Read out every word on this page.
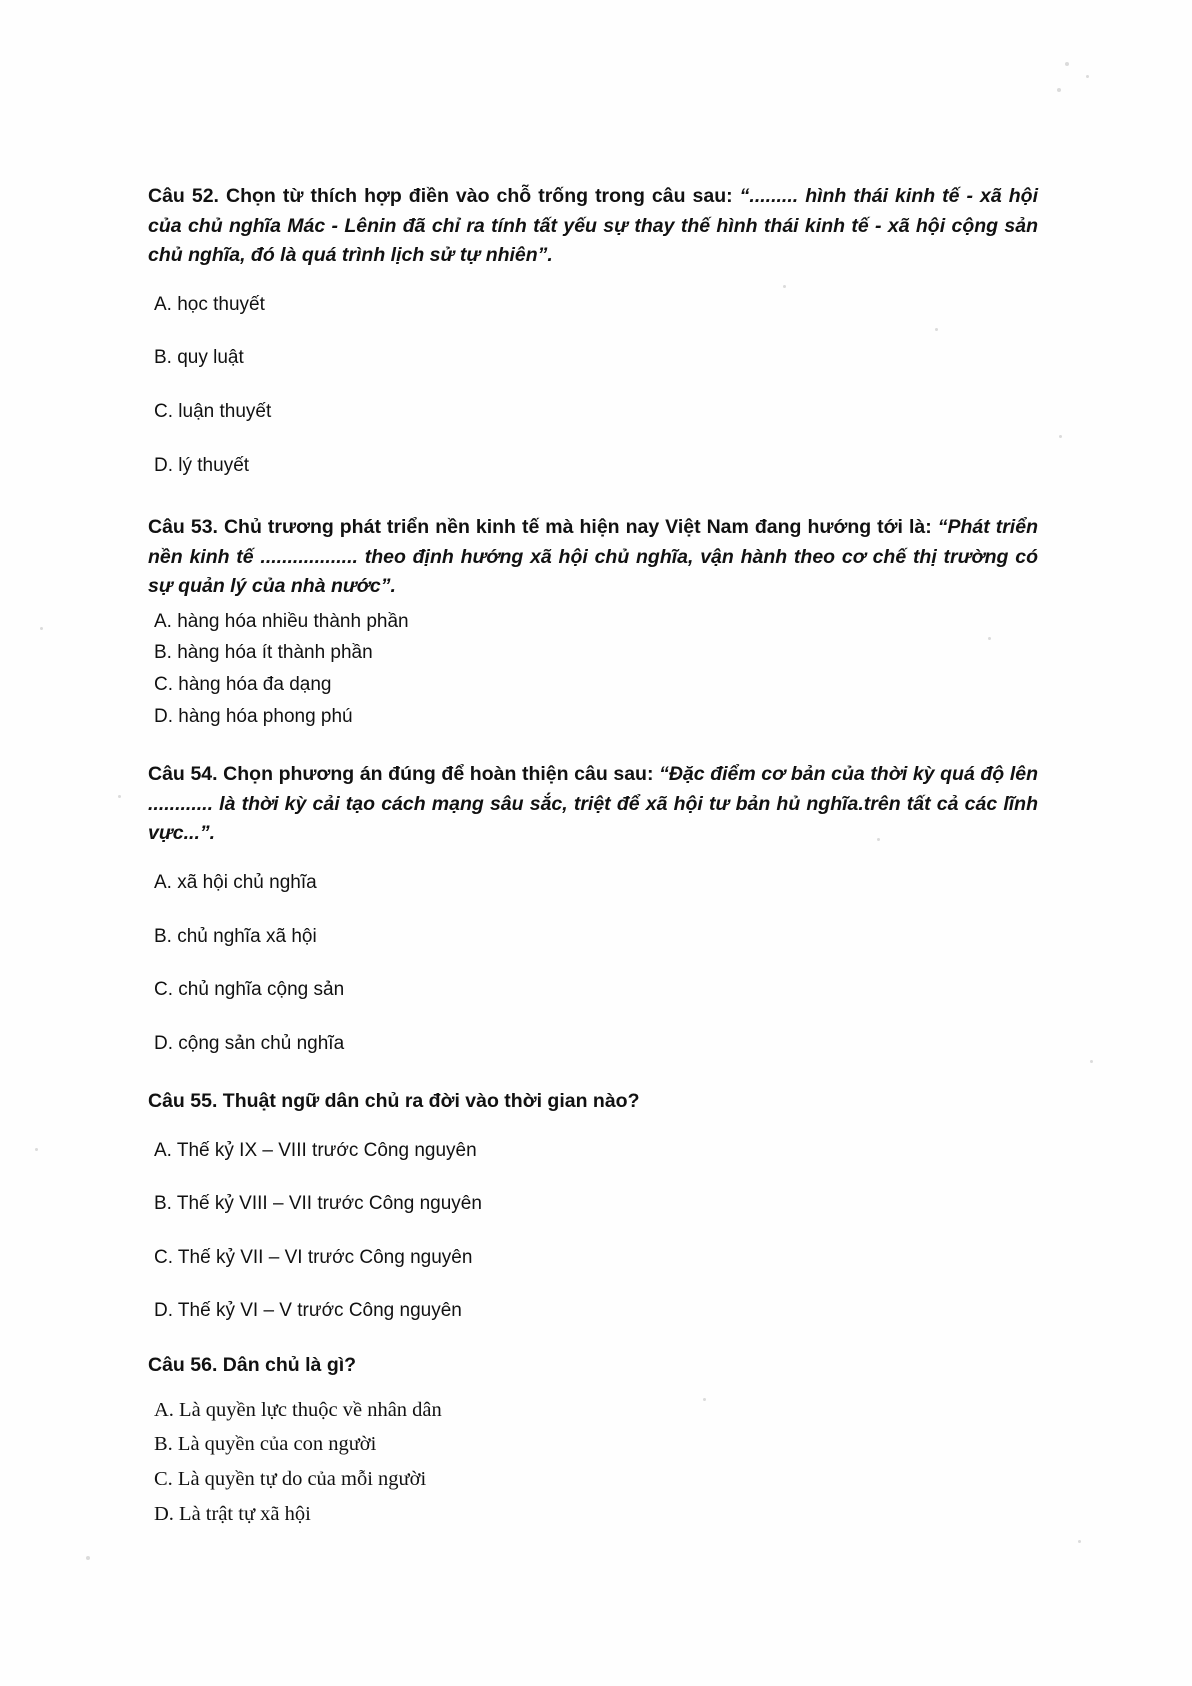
Câu 52. Chọn từ thích hợp điền vào chỗ trống trong câu sau: “......... hình thái kinh tế - xã hội của chủ nghĩa Mác - Lênin đã chỉ ra tính tất yếu sự thay thế hình thái kinh tế - xã hội cộng sản chủ nghĩa, đó là quá trình lịch sử tự nhiên”.

A. học thuyết
B. quy luật
C. luận thuyết
D. lý thuyết

Câu 53. Chủ trương phát triển nền kinh tế mà hiện nay Việt Nam đang hướng tới là: “Phát triển nền kinh tế .................. theo định hướng xã hội chủ nghĩa, vận hành theo cơ chế thị trường có sự quản lý của nhà nước”.

A. hàng hóa nhiều thành phần
B. hàng hóa ít thành phần
C. hàng hóa đa dạng
D. hàng hóa phong phú

Câu 54. Chọn phương án đúng để hoàn thiện câu sau: “Đặc điểm cơ bản của thời kỳ quá độ lên ............ là thời kỳ cải tạo cách mạng sâu sắc, triệt để xã hội tư bản hủ nghĩa.trên tất cả các lĩnh vực...”.

A. xã hội chủ nghĩa
B. chủ nghĩa xã hội
C. chủ nghĩa cộng sản
D. cộng sản chủ nghĩa

Câu 55. Thuật ngữ dân chủ ra đời vào thời gian nào?

A. Thế kỷ IX – VIII trước Công nguyên
B. Thế kỷ VIII – VII trước Công nguyên
C. Thế kỷ VII – VI trước Công nguyên
D. Thế kỷ VI – V trước Công nguyên

Câu 56. Dân chủ là gì?

A. Là quyền lực thuộc về nhân dân
B. Là quyền của con người
C. Là quyền tự do của mỗi người
D. Là trật tự xã hội
